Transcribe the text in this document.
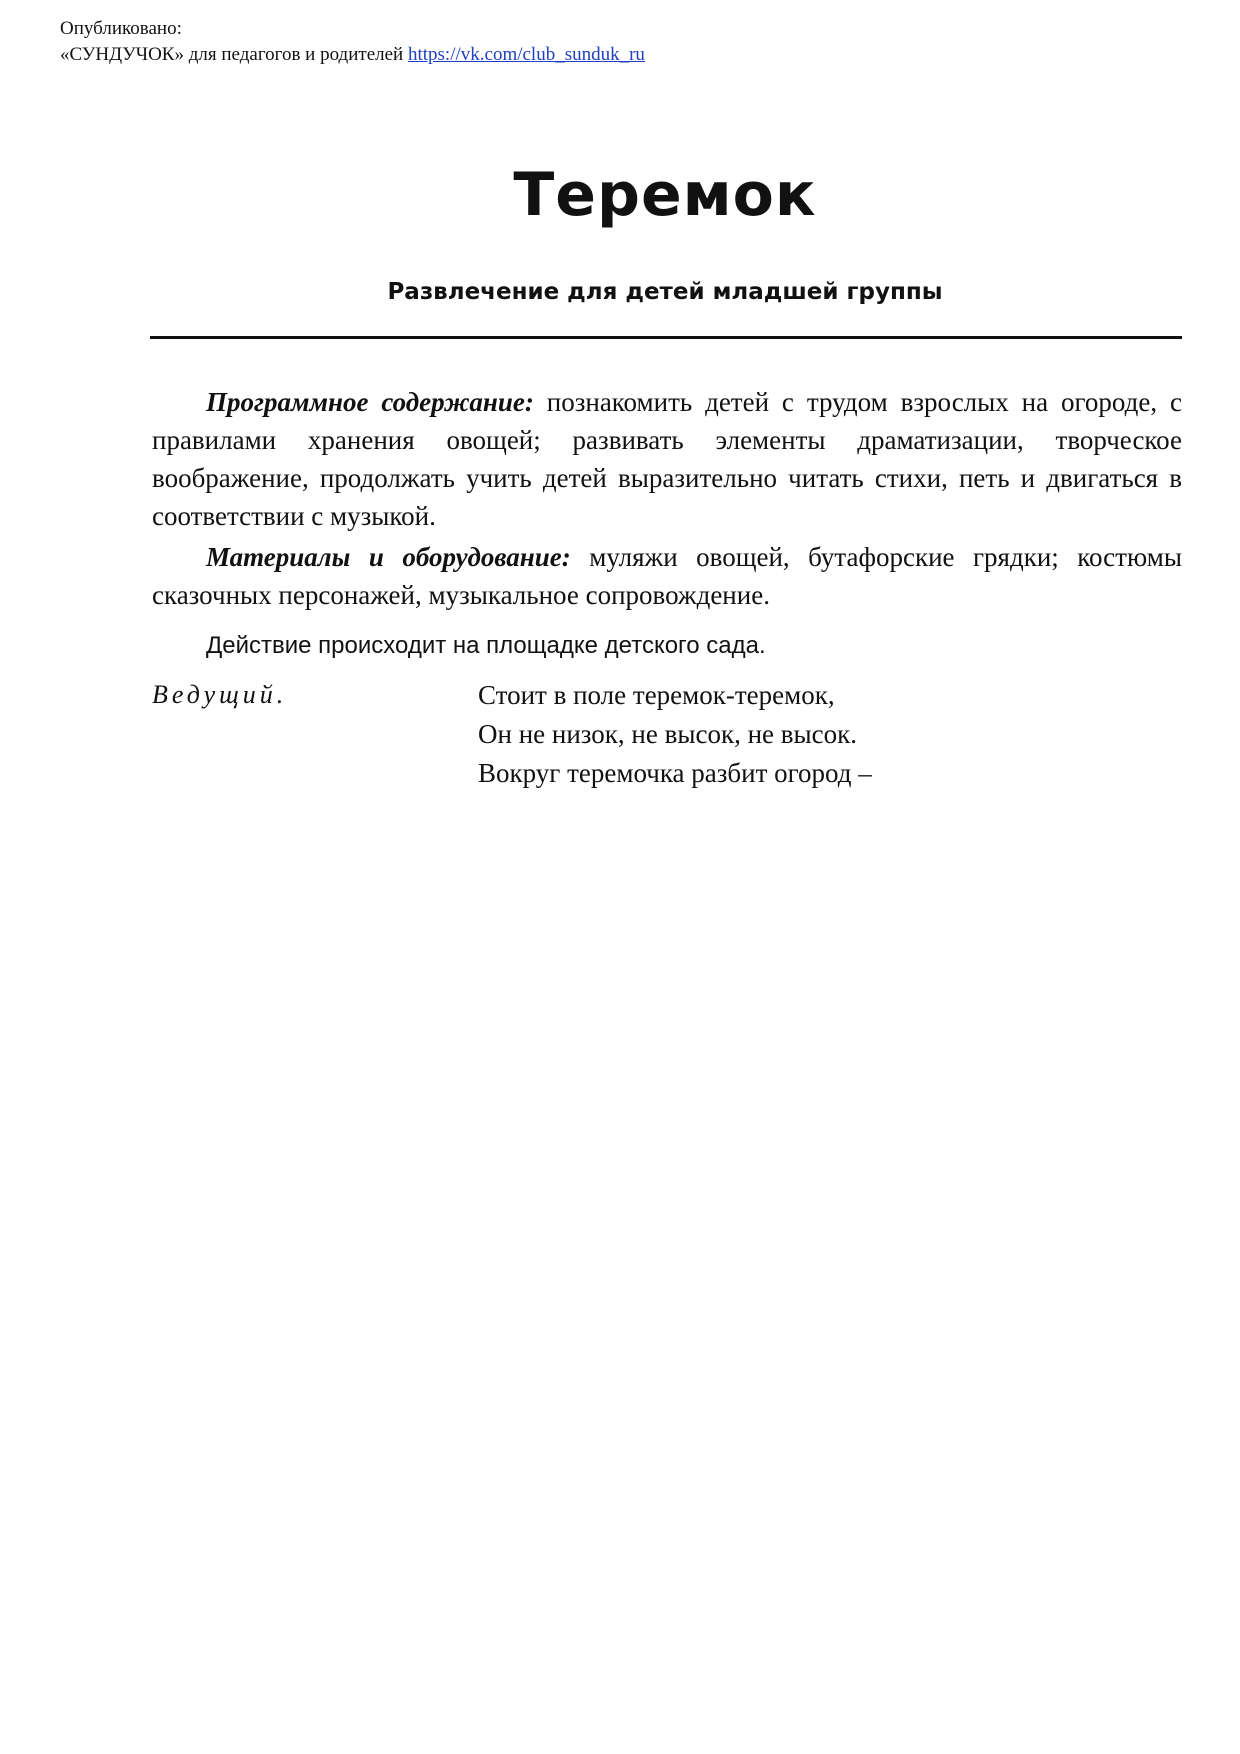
Опубликовано:
«СУНДУЧОК» для педагогов и родителей https://vk.com/club_sunduk_ru
Теремок
Развлечение для детей младшей группы

Программное содержание: познакомить детей с трудом взрослых на огороде, с правилами хранения овощей; развивать элементы драматизации, творческое воображение, продолжать учить детей выразительно читать стихи, петь и двигаться в соответствии с музыкой.

Материалы и оборудование: муляжи овощей, бутафорские грядки; костюмы сказочных персонажей, музыкальное сопровождение.

Действие происходит на площадке детского сада.

Ведущий.	Стоит в поле теремок-теремок,
Он не низок, не высок, не высок.
Вокруг теремочка разбит огород –
